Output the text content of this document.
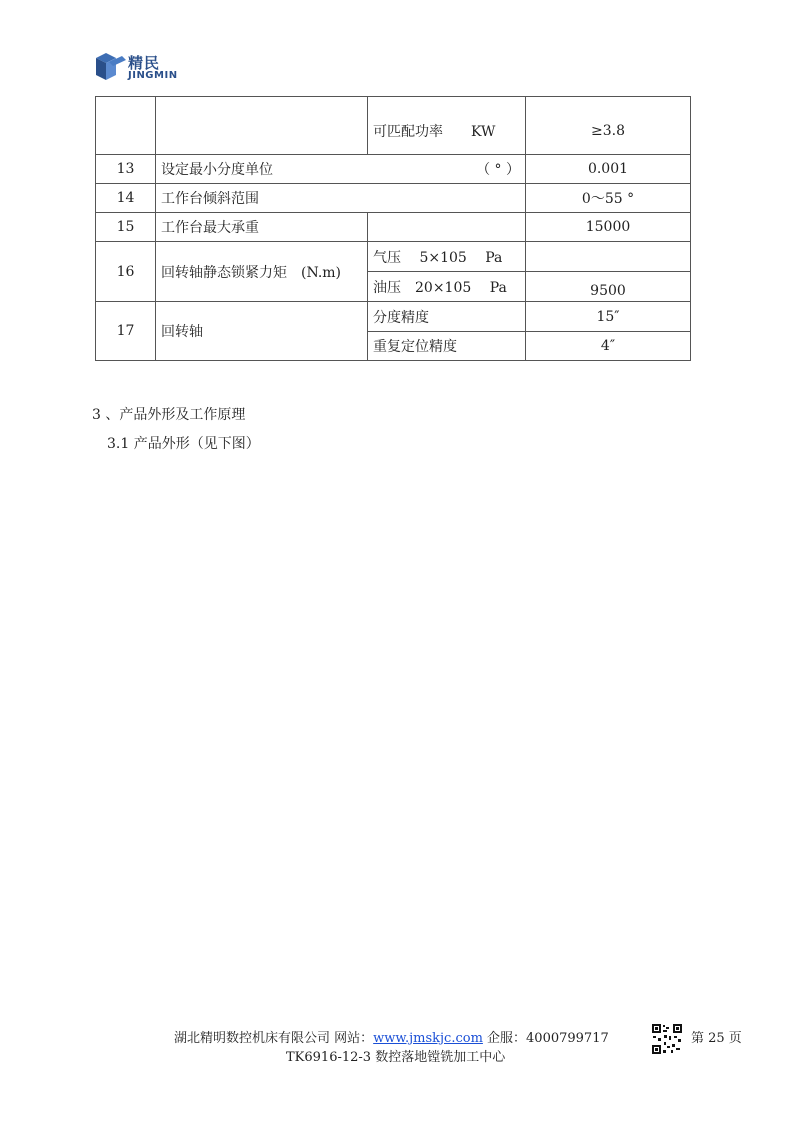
精民
JINGMIN
		可匹配功率　　KW	≥3.8
13	设定最小分度单位 （ ° ）		0.001
14	工作台倾斜范围		0～55 °
15	工作台最大承重		15000
16	回转轴静态锁紧力矩　(N.m)	气压　 5×105　 Pa	
		油压　20×105　 Pa	9500
17	回转轴	分度精度	15″
		重复定位精度	4″
3 、产品外形及工作原理
3.1 产品外形（见下图）
湖北精明数控机床有限公司 网站：www.jmskjc.com 企服：4000799717
TK6916-12-3 数控落地镗铣加工中心
第 25 页
